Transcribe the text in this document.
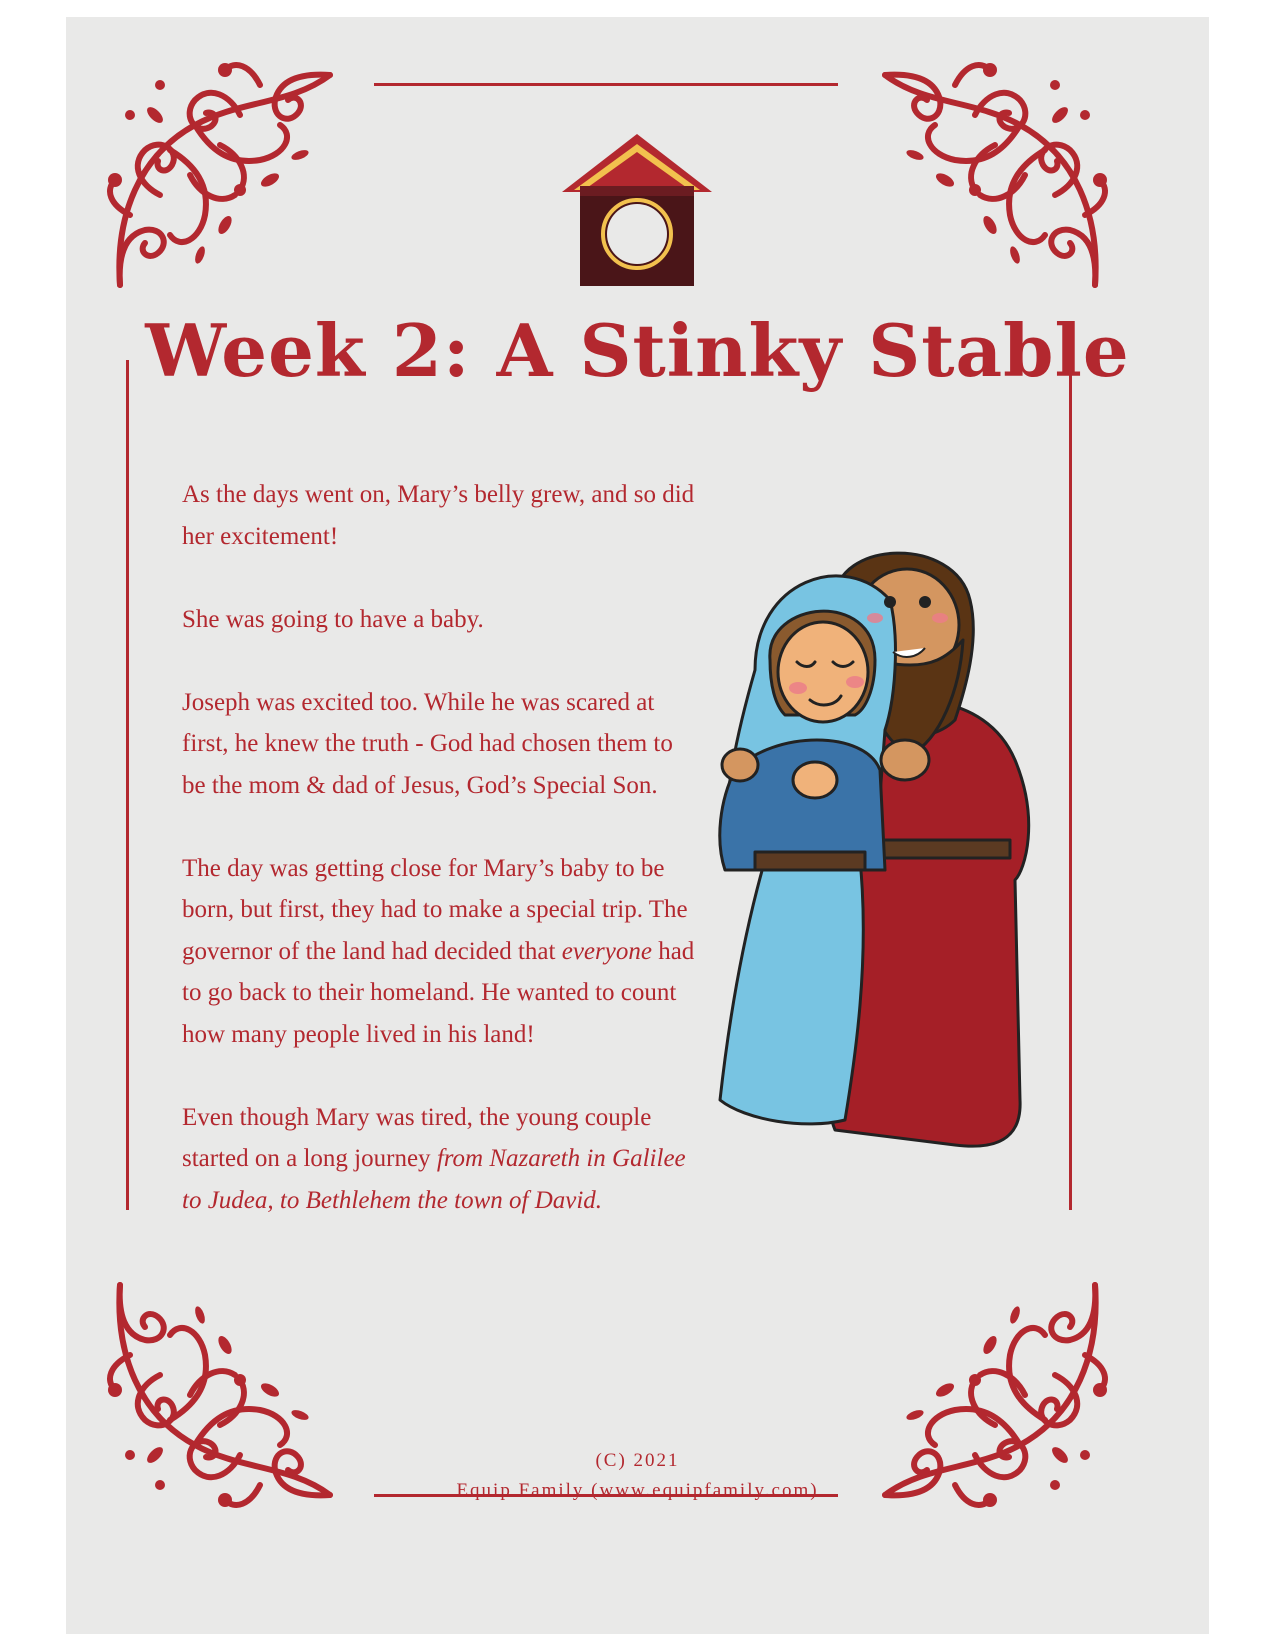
Week 2: A Stinky Stable

As the days went on, Mary’s belly grew, and so did her excitement!

She was going to have a baby.

Joseph was excited too. While he was scared at first, he knew the truth - God had chosen them to be the mom & dad of Jesus, God’s Special Son.

The day was getting close for Mary’s baby to be born, but first, they had to make a special trip. The governor of the land had decided that everyone had to go back to their homeland. He wanted to count how many people lived in his land!

Even though Mary was tired, the young couple started on a long journey from Nazareth in Galilee to Judea, to Bethlehem the town of David.

(C) 2021
Equip Family (www.equipfamily.com)
